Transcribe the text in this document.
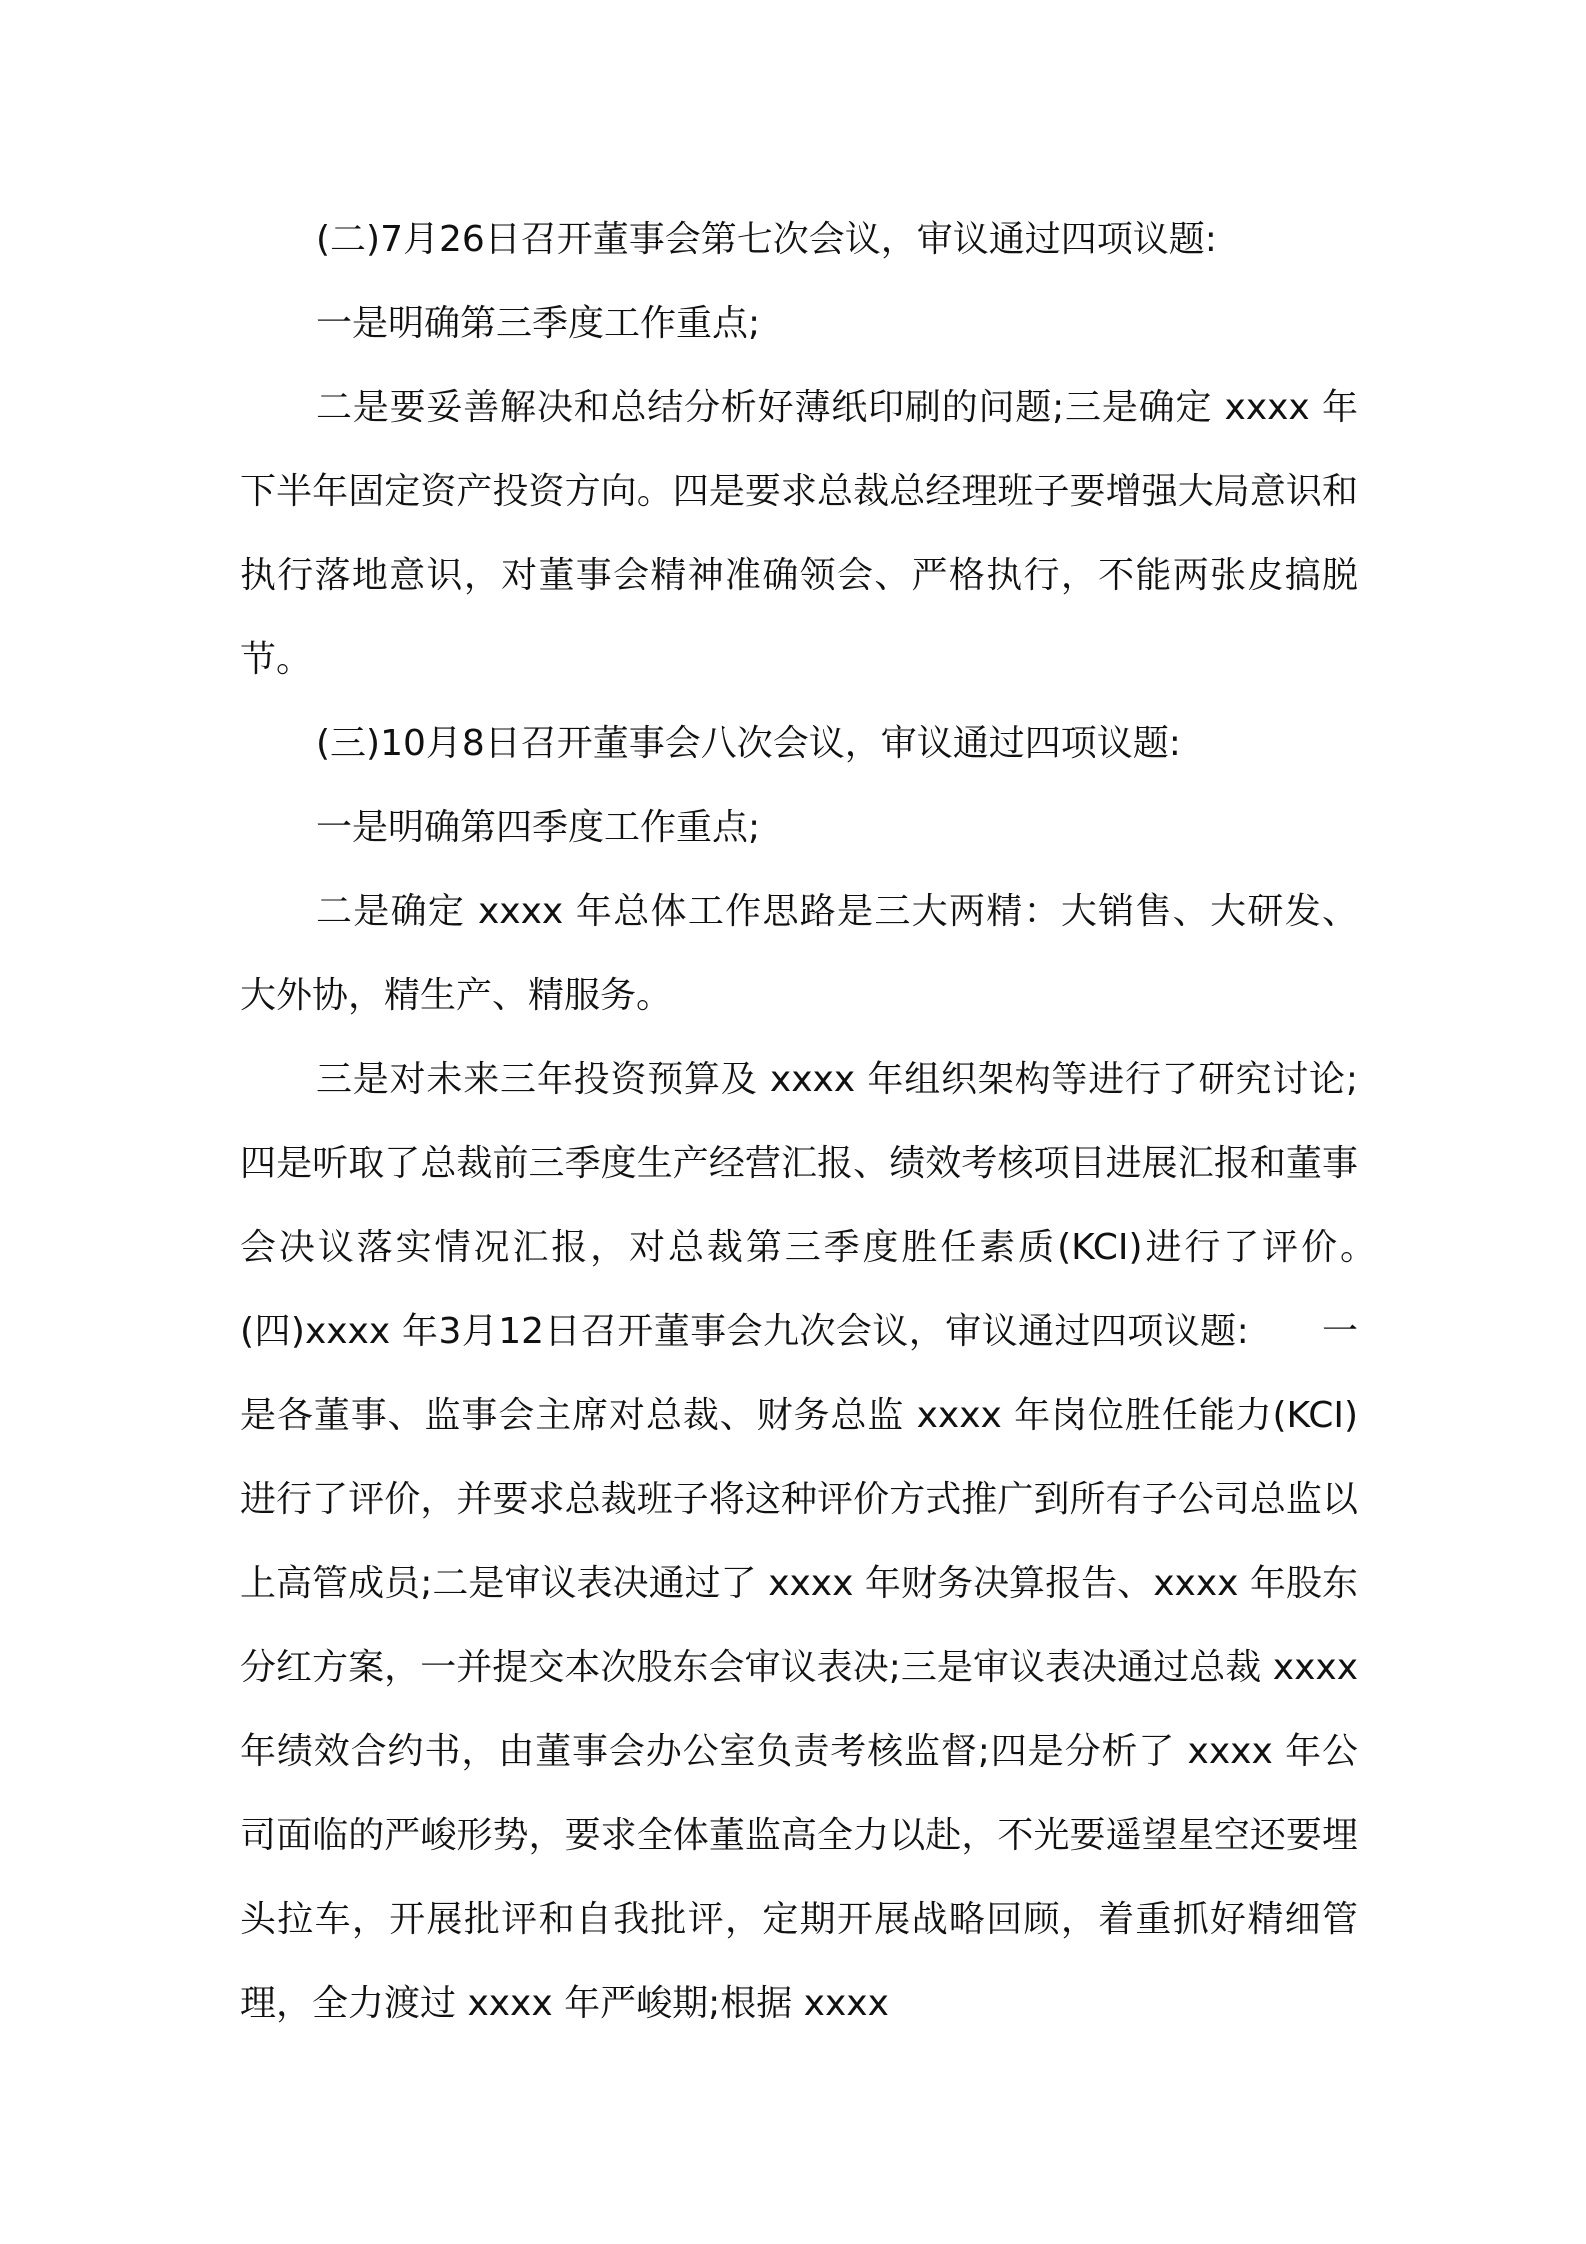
(二)7月26日召开董事会第七次会议，审议通过四项议题:

一是明确第三季度工作重点;

二是要妥善解决和总结分析好薄纸印刷的问题;三是确定 xxxx 年下半年固定资产投资方向。四是要求总裁总经理班子要增强大局意识和执行落地意识，对董事会精神准确领会、严格执行，不能两张皮搞脱节。

(三)10月8日召开董事会八次会议，审议通过四项议题:

一是明确第四季度工作重点;

二是确定 xxxx 年总体工作思路是三大两精：大销售、大研发、大外协，精生产、精服务。

三是对未来三年投资预算及 xxxx 年组织架构等进行了研究讨论;四是听取了总裁前三季度生产经营汇报、绩效考核项目进展汇报和董事会决议落实情况汇报，对总裁第三季度胜任素质(KCI)进行了评价。　　(四)xxxx 年3月12日召开董事会九次会议，审议通过四项议题:　　一是各董事、监事会主席对总裁、财务总监 xxxx 年岗位胜任能力(KCI)进行了评价，并要求总裁班子将这种评价方式推广到所有子公司总监以上高管成员;二是审议表决通过了 xxxx 年财务决算报告、xxxx 年股东分红方案，一并提交本次股东会审议表决;三是审议表决通过总裁 xxxx 年绩效合约书，由董事会办公室负责考核监督;四是分析了 xxxx 年公司面临的严峻形势，要求全体董监高全力以赴，不光要遥望星空还要埋头拉车，开展批评和自我批评，定期开展战略回顾，着重抓好精细管理，全力渡过 xxxx 年严峻期;根据 xxxx
